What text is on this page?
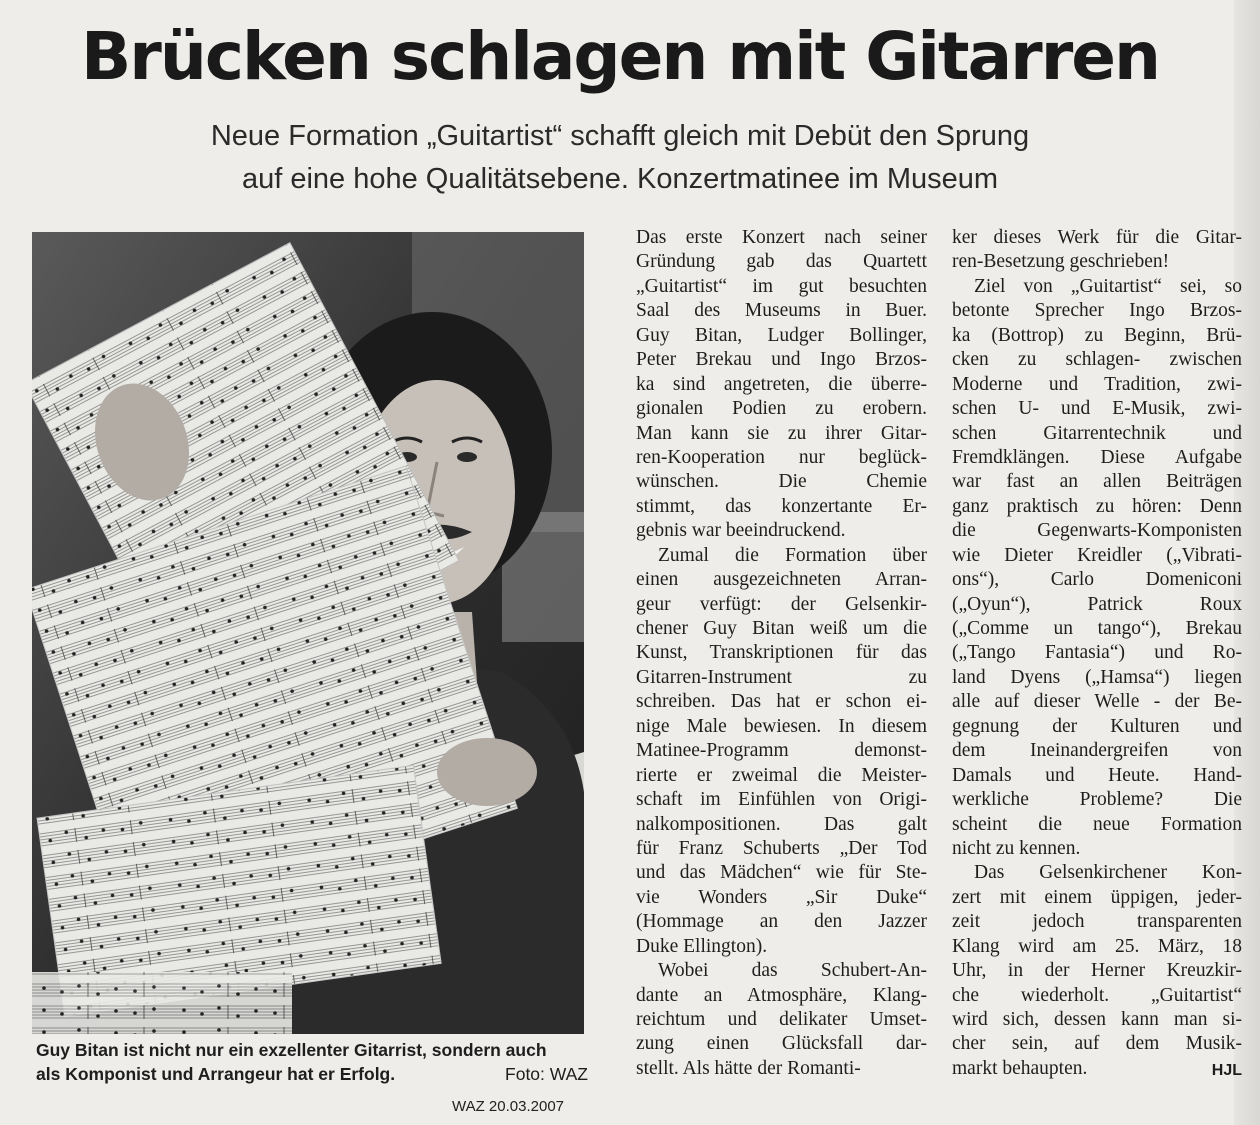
Brücken schlagen mit Gitarren
Neue Formation „Guitartist“ schafft gleich mit Debüt den Sprung
auf eine hohe Qualitätsebene. Konzertmatinee im Museum
Guy Bitan ist nicht nur ein exzellenter Gitarrist, sondern auch
als Komponist und Arrangeur hat er Erfolg.	Foto: WAZ
WAZ 20.03.2007
Das erste Konzert nach seiner
Gründung gab das Quartett
„Guitartist“ im gut besuchten
Saal des Museums in Buer.
Guy Bitan, Ludger Bollinger,
Peter Brekau und Ingo Brzos-
ka sind angetreten, die überre-
gionalen Podien zu erobern.
Man kann sie zu ihrer Gitar-
ren-Kooperation nur beglück-
wünschen. Die Chemie
stimmt, das konzertante Er-
gebnis war beeindruckend.
Zumal die Formation über
einen ausgezeichneten Arran-
geur verfügt: der Gelsenkir-
chener Guy Bitan weiß um die
Kunst, Transkriptionen für das
Gitarren-Instrument zu
schreiben. Das hat er schon ei-
nige Male bewiesen. In diesem
Matinee-Programm demonst-
rierte er zweimal die Meister-
schaft im Einfühlen von Origi-
nalkompositionen. Das galt
für Franz Schuberts „Der Tod
und das Mädchen“ wie für Ste-
vie Wonders „Sir Duke“
(Hommage an den Jazzer
Duke Ellington).
Wobei das Schubert-An-
dante an Atmosphäre, Klang-
reichtum und delikater Umset-
zung einen Glücksfall dar-
stellt. Als hätte der Romanti-
ker dieses Werk für die Gitar-
ren-Besetzung geschrieben!
Ziel von „Guitartist“ sei, so
betonte Sprecher Ingo Brzos-
ka (Bottrop) zu Beginn, Brü-
cken zu schlagen- zwischen
Moderne und Tradition, zwi-
schen U- und E-Musik, zwi-
schen Gitarrentechnik und
Fremdklängen. Diese Aufgabe
war fast an allen Beiträgen
ganz praktisch zu hören: Denn
die Gegenwarts-Komponisten
wie Dieter Kreidler („Vibrati-
ons“), Carlo Domeniconi
(„Oyun“), Patrick Roux
(„Comme un tango“), Brekau
(„Tango Fantasia“) und Ro-
land Dyens („Hamsa“) liegen
alle auf dieser Welle - der Be-
gegnung der Kulturen und
dem Ineinandergreifen von
Damals und Heute. Hand-
werkliche Probleme? Die
scheint die neue Formation
nicht zu kennen.
Das Gelsenkirchener Kon-
zert mit einem üppigen, jeder-
zeit jedoch transparenten
Klang wird am 25. März, 18
Uhr, in der Herner Kreuzkir-
che wiederholt. „Guitartist“
wird sich, dessen kann man si-
cher sein, auf dem Musik-
markt behaupten.	HJL
